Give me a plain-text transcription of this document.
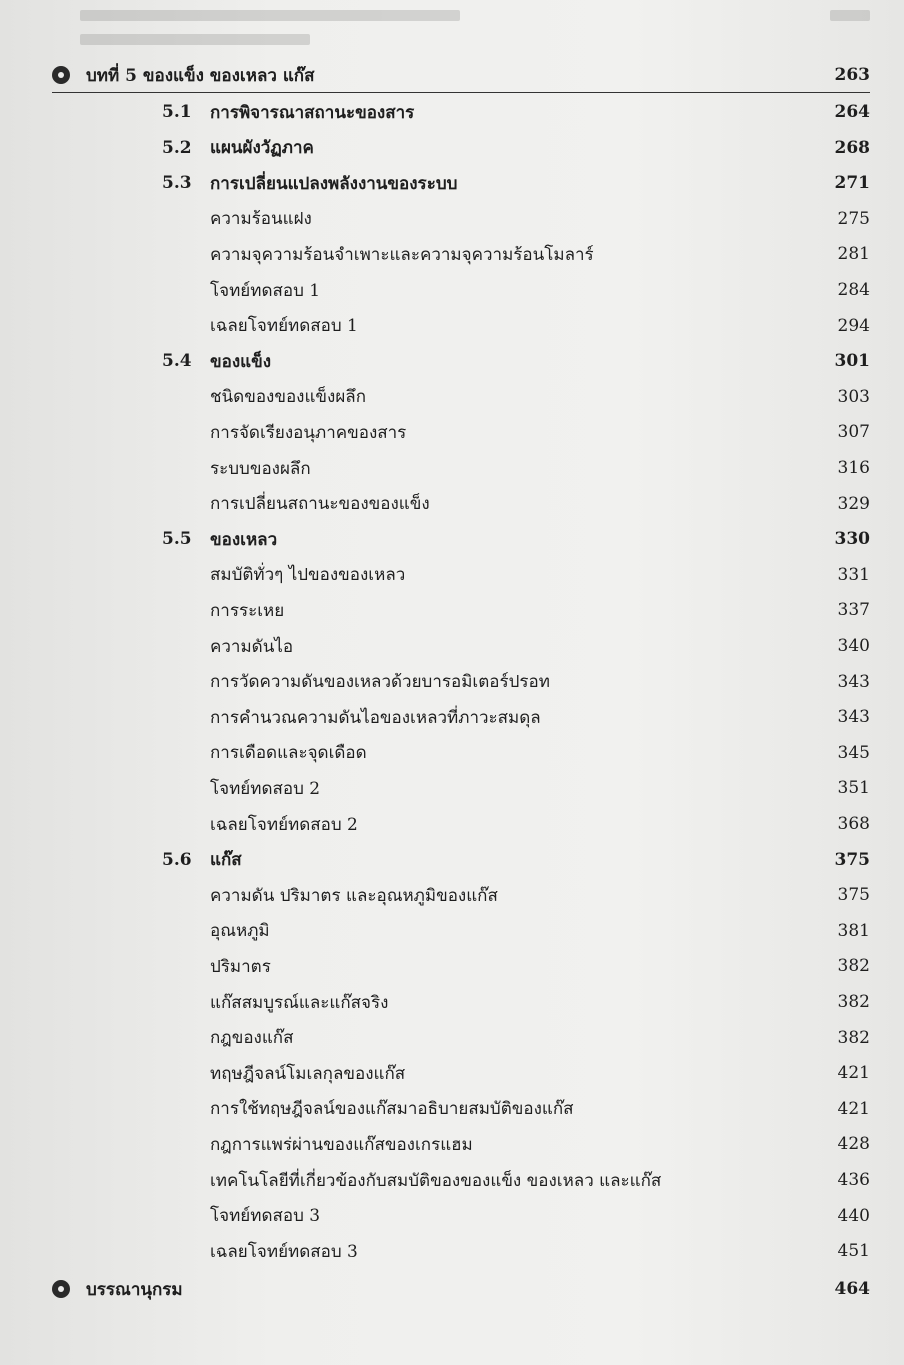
บทที่ 5 ของแข็ง ของเหลว แก๊ส	263
5.1	การพิจารณาสถานะของสาร	264
5.2	แผนผังวัฏภาค	268
5.3	การเปลี่ยนแปลงพลังงานของระบบ	271
ความร้อนแฝง	275
ความจุความร้อนจำเพาะและความจุความร้อนโมลาร์	281
โจทย์ทดสอบ 1	284
เฉลยโจทย์ทดสอบ 1	294
5.4	ของแข็ง	301
ชนิดของของแข็งผลึก	303
การจัดเรียงอนุภาคของสาร	307
ระบบของผลึก	316
การเปลี่ยนสถานะของของแข็ง	329
5.5	ของเหลว	330
สมบัติทั่วๆ ไปของของเหลว	331
การระเหย	337
ความดันไอ	340
การวัดความดันของเหลวด้วยบารอมิเตอร์ปรอท	343
การคำนวณความดันไอของเหลวที่ภาวะสมดุล	343
การเดือดและจุดเดือด	345
โจทย์ทดสอบ 2	351
เฉลยโจทย์ทดสอบ 2	368
5.6	แก๊ส	375
ความดัน ปริมาตร และอุณหภูมิของแก๊ส	375
อุณหภูมิ	381
ปริมาตร	382
แก๊สสมบูรณ์และแก๊สจริง	382
กฎของแก๊ส	382
ทฤษฎีจลน์โมเลกุลของแก๊ส	421
การใช้ทฤษฎีจลน์ของแก๊สมาอธิบายสมบัติของแก๊ส	421
กฎการแพร่ผ่านของแก๊สของเกรแฮม	428
เทคโนโลยีที่เกี่ยวข้องกับสมบัติของของแข็ง ของเหลว และแก๊ส	436
โจทย์ทดสอบ 3	440
เฉลยโจทย์ทดสอบ 3	451
บรรณานุกรม	464
